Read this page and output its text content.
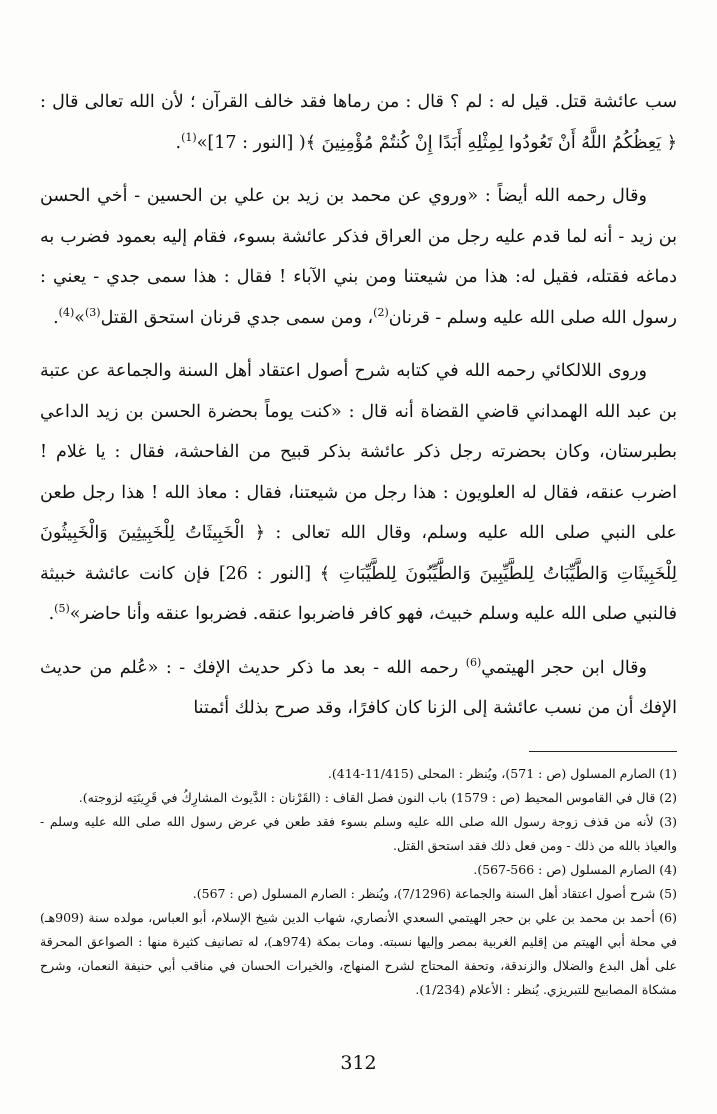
سب عائشة قتل. قيل له : لم ؟ قال : من رماها فقد خالف القرآن ؛ لأن الله تعالى قال : ﴿ يَعِظُكُمُ اللَّهُ أَنْ تَعُودُوا لِمِثْلِهِ أَبَدًا إِنْ كُنتُمْ مُؤْمِنِينَ ﴾( [النور : 17]»$^{(1)}$.

وقال رحمه الله أيضاً : «وروي عن محمد بن زيد بن علي بن الحسين - أخي الحسن بن زيد - أنه لما قدم عليه رجل من العراق فذكر عائشة بسوء، فقام إليه بعمود فضرب به دماغه فقتله، فقيل له: هذا من شيعتنا ومن بني الآباء ! فقال : هذا سمى جدي - يعني : رسول الله صلى الله عليه وسلم - قرنان$^{(2)}$، ومن سمى جدي قرنان استحق القتل$^{(3)}$»$^{(4)}$.

وروى اللالكائي رحمه الله في كتابه شرح أصول اعتقاد أهل السنة والجماعة عن عتبة بن عبد الله الهمداني قاضي القضاة أنه قال : «كنت يوماً بحضرة الحسن بن زيد الداعي بطبرستان، وكان بحضرته رجل ذكر عائشة بذكر قبيح من الفاحشة، فقال : يا غلام ! اضرب عنقه، فقال له العلويون : هذا رجل من شيعتنا، فقال : معاذ الله ! هذا رجل طعن على النبي صلى الله عليه وسلم، وقال الله تعالى : ﴿ الْخَبِيثَاتُ لِلْخَبِيثِينَ وَالْخَبِيثُونَ لِلْخَبِيثَاتِ وَالطَّيِّبَاتُ لِلطَّيِّبِينَ وَالطَّيِّبُونَ لِلطَّيِّبَاتِ ﴾ [النور : 26] فإن كانت عائشة خبيثة فالنبي صلى الله عليه وسلم خبيث، فهو كافر فاضربوا عنقه. فضربوا عنقه وأنا حاضر»$^{(5)}$.

وقال ابن حجر الهيتمي$^{(6)}$ رحمه الله - بعد ما ذكر حديث الإفك - : «عُلم من حديث الإفك أن من نسب عائشة إلى الزنا كان كافرًا، وقد صرح بذلك أئمتنا

(1) الصارم المسلول (ص : 571)، ويُنظر : المحلى (11/415-414).

(2) قال في القاموس المحيط (ص : 1579) باب النون فصل القاف : (القَرْنان : الدَّيوث المشارِكُ في قَرِينَتِه لزوجته).

(3) لأنه من قذف زوجة رسول الله صلى الله عليه وسلم بسوء فقد طعن في عرض رسول الله صلى الله عليه وسلم - والعياذ بالله من ذلك - ومن فعل ذلك فقد استحق القتل.

(4) الصارم المسلول (ص : 566-567).

(5) شرح أصول اعتقاد أهل السنة والجماعة (7/1296)، ويُنظر : الصارم المسلول (ص : 567).

(6) أحمد بن محمد بن علي بن حجر الهيتمي السعدي الأنصاري، شهاب الدين شيخ الإسلام، أبو العباس، مولده سنة (909هـ) في محلة أبي الهيتم من إقليم الغربية بمصر وإليها نسبته. ومات بمكة (974هـ)، له تصانيف كثيرة منها : الصواعق المحرقة على أهل البدع والضلال والزندقة، وتحفة المحتاج لشرح المنهاج، والخيرات الحسان في مناقب أبي حنيفة النعمان، وشرح مشكاة المصابيح للتبريزي. يُنظر : الأعلام (1/234).

312
